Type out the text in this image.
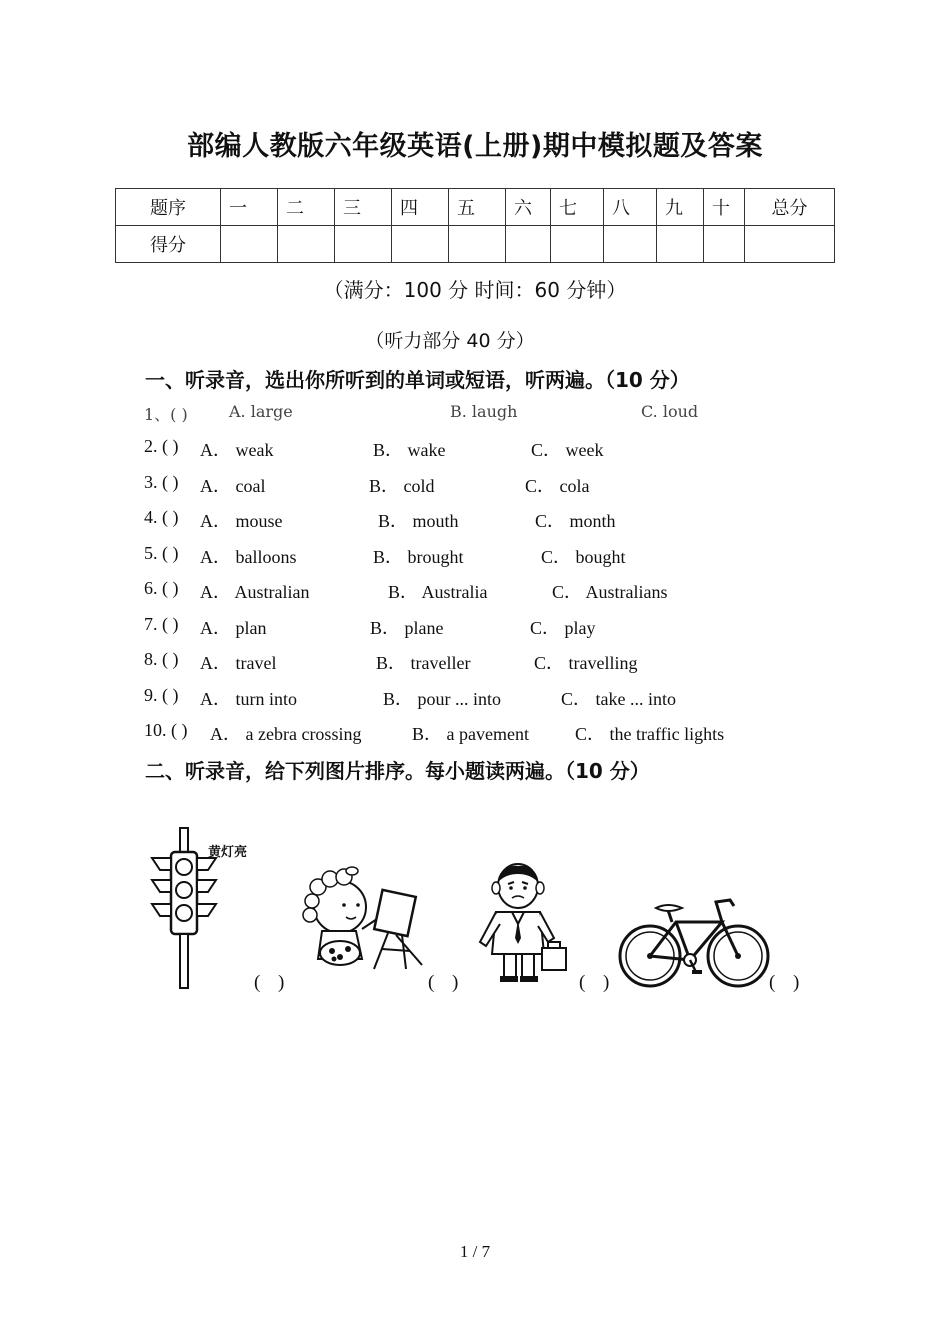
部编人教版六年级英语(上册)期中模拟题及答案
题序	一	二	三	四	五	六	七	八	九	十	总分
得分											
（满分：100 分 时间：60 分钟）
（听力部分 40 分）
一、听录音，选出你所听到的单词或短语，听两遍。（10 分）
1、( )	A. large	B. laugh	C. loud
2. ( ) A． weak	B． wake	C． week
3. ( ) A． coal	B． cold	C． cola
4. ( ) A． mouse	B． mouth	C． month
5. ( ) A． balloons	B． brought	C． bought
6. ( ) A． Australian	B． Australia	C． Australians
7. ( ) A． plan	B． plane	C． play
8. ( ) A． travel	B． traveller	C． travelling
9. ( ) A． turn into	B． pour ... into	C． take ... into
10. ( ) A． a zebra crossing	B． a pavement	C． the traffic lights
二、听录音，给下列图片排序。每小题读两遍。（10 分）
黄灯亮
( )	( )	( )	( )
1 / 7
